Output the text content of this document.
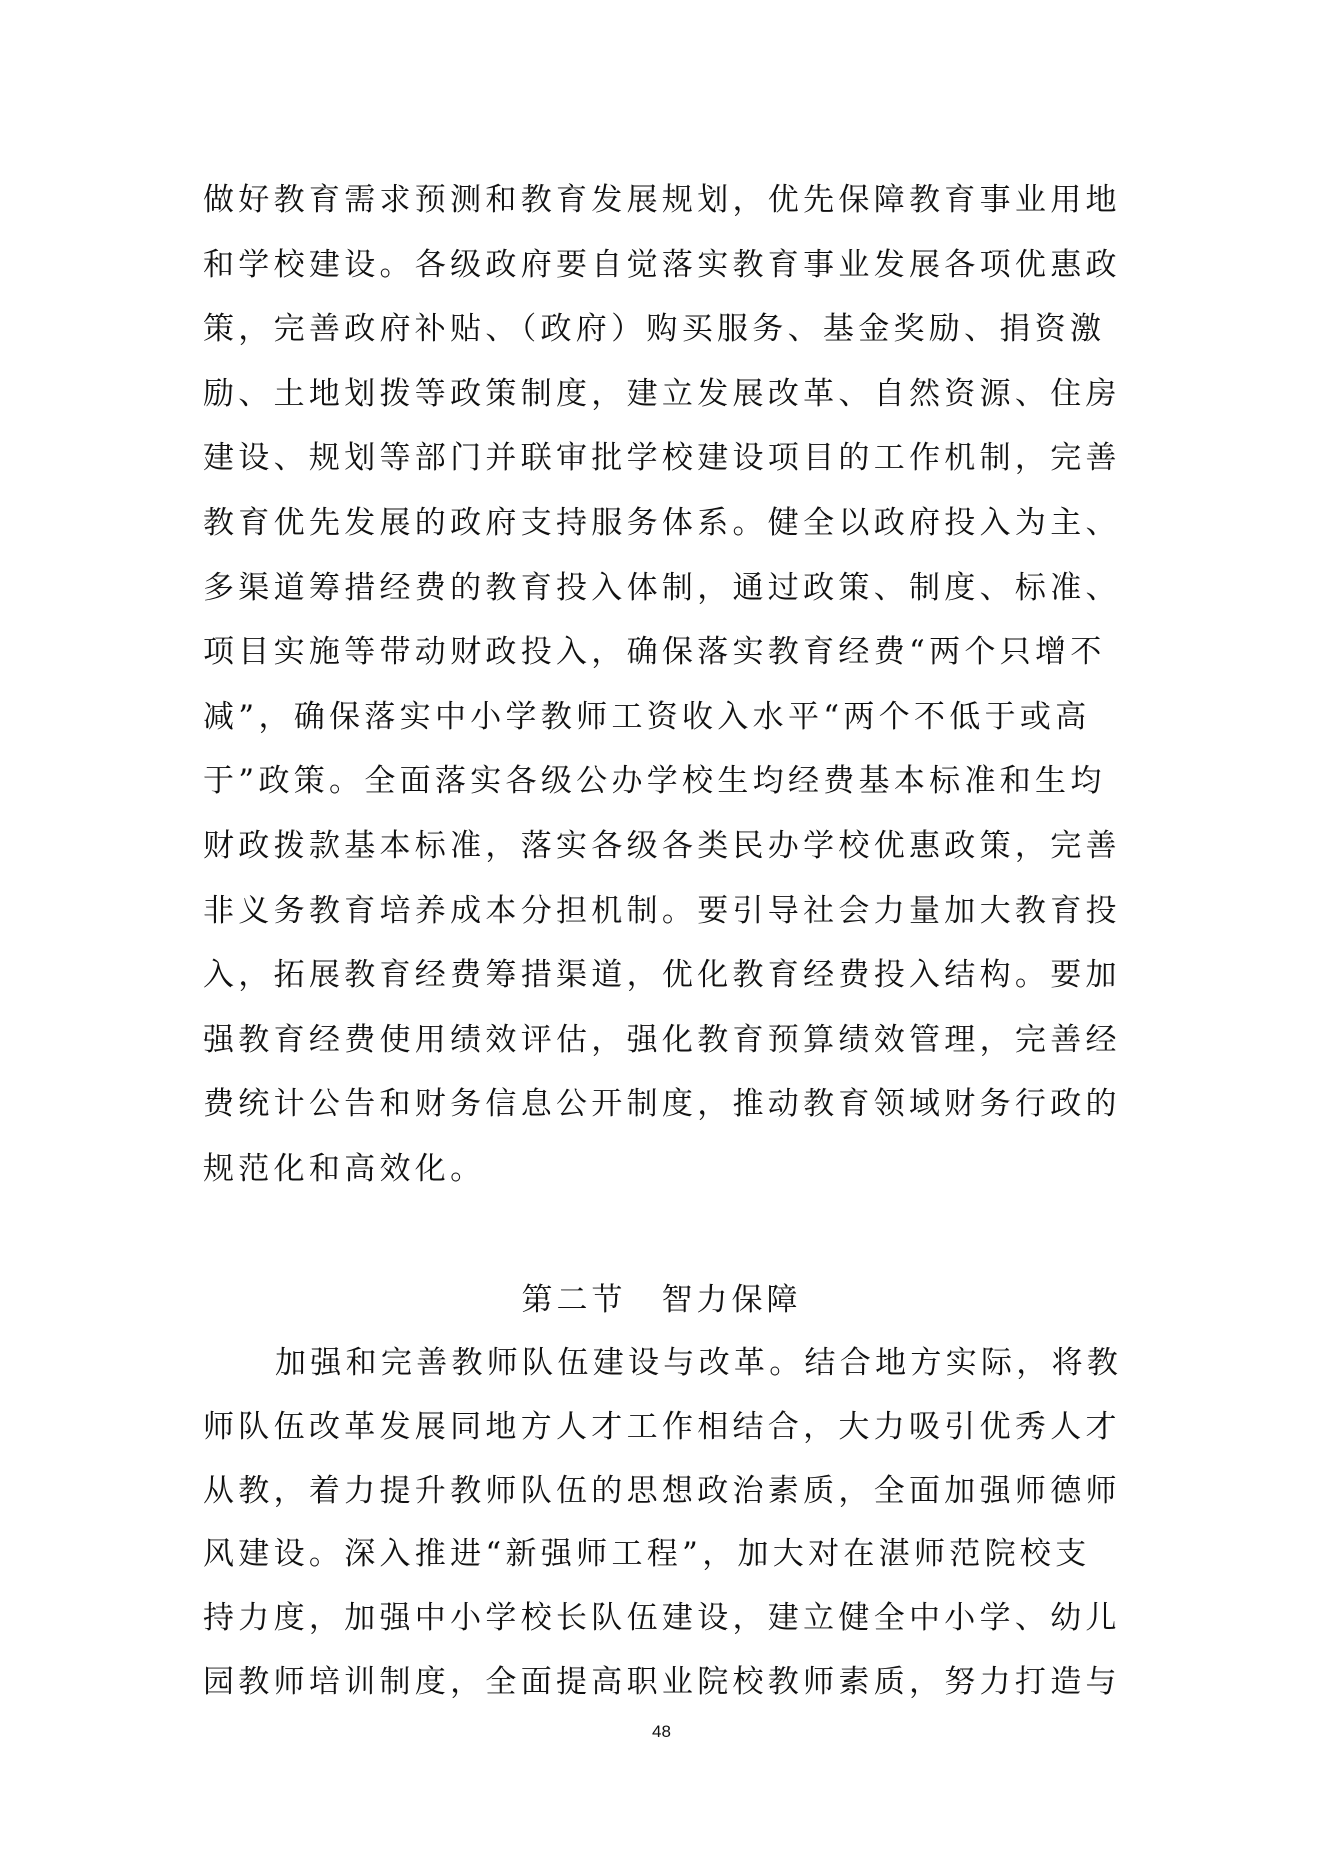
做好教育需求预测和教育发展规划，优先保障教育事业用地
和学校建设。各级政府要自觉落实教育事业发展各项优惠政
策，完善政府补贴、（政府）购买服务、基金奖励、捐资激
励、土地划拨等政策制度，建立发展改革、自然资源、住房
建设、规划等部门并联审批学校建设项目的工作机制，完善
教育优先发展的政府支持服务体系。健全以政府投入为主、
多渠道筹措经费的教育投入体制，通过政策、制度、标准、
项目实施等带动财政投入，确保落实教育经费“两个只增不
减”，确保落实中小学教师工资收入水平“两个不低于或高
于”政策。全面落实各级公办学校生均经费基本标准和生均
财政拨款基本标准，落实各级各类民办学校优惠政策，完善
非义务教育培养成本分担机制。要引导社会力量加大教育投
入，拓展教育经费筹措渠道，优化教育经费投入结构。要加
强教育经费使用绩效评估，强化教育预算绩效管理，完善经
费统计公告和财务信息公开制度，推动教育领域财务行政的
规范化和高效化。
第二节　智力保障
加强和完善教师队伍建设与改革。结合地方实际，将教
师队伍改革发展同地方人才工作相结合，大力吸引优秀人才
从教，着力提升教师队伍的思想政治素质，全面加强师德师
风建设。深入推进“新强师工程”，加大对在湛师范院校支
持力度，加强中小学校长队伍建设，建立健全中小学、幼儿
园教师培训制度，全面提高职业院校教师素质，努力打造与
48
